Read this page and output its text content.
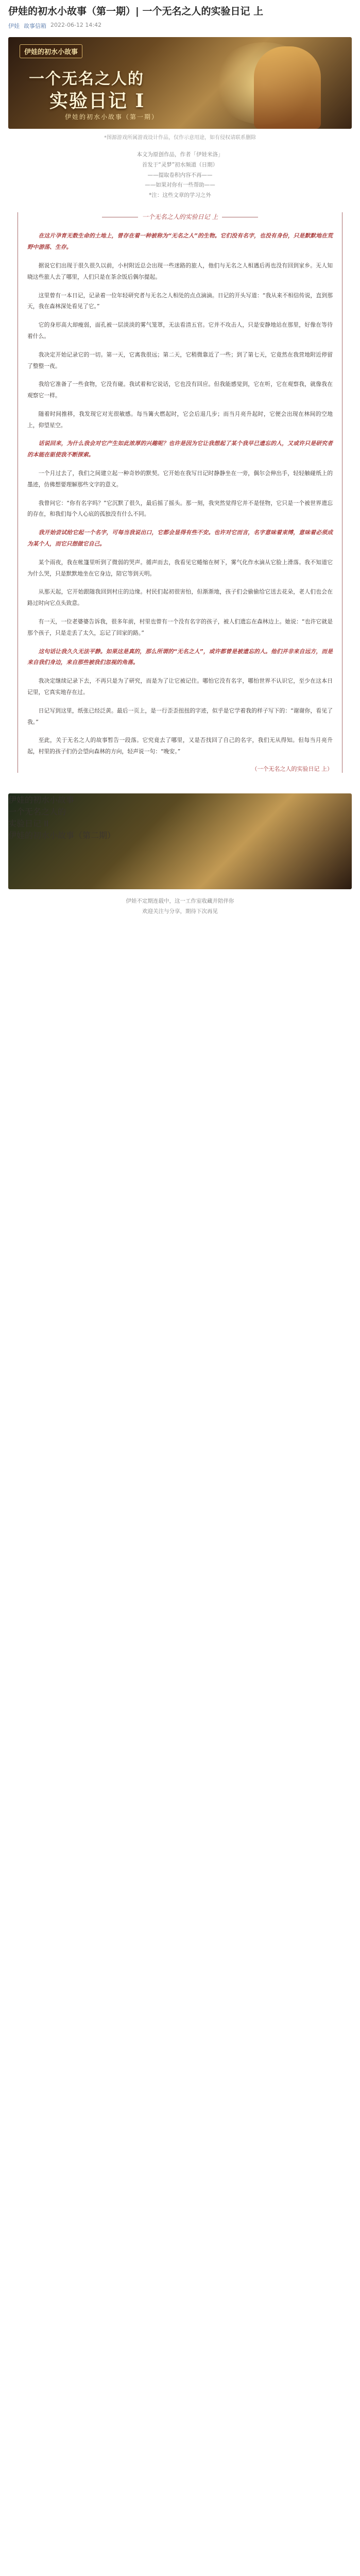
伊娃的初水小故事（第一期）| 一个无名之人的实验日记 上
伊娃 故事信箱 2022-06-12 14:42
伊娃的初水小故事
一个无名之人的
实验日记 I
伊娃的初水小故事（第一期）
*图源游戏所属游戏设计作品，仅作示意用途，如有侵权请联系删除
本文为原创作品，作者「伊娃米洛」
首发于“灵梦”初水频道（日期）
——提取卷积内容不再——
——如果对你有一些帮助——
*注：这些文章的学习之外
一个无名之人的实验日记 上

在这片孕育无数生命的土地上，曾存在着一种被称为“无名之人”的生物。它们没有名字，也没有身份，只是默默地在荒野中游荡、生存。

据说它们出现于很久很久以前，小村附近总会出现一些迷路的旅人，他们与无名之人相遇后再也没有回到家乡。无人知晓这些旅人去了哪里，人们只是在茶余饭后偶尔提起。

这里曾有一本日记，记录着一位年轻研究者与无名之人相处的点点滴滴。日记的开头写道：“我从来不相信传说，直到那天，我在森林深处看见了它。”

它的身形高大却瘦弱，面孔被一层淡淡的雾气笼罩，无法看清五官。它并不攻击人，只是安静地站在那里，好像在等待着什么。

我决定开始记录它的一切。第一天，它离我很远；第二天，它稍微靠近了一些；到了第七天，它竟然在我营地附近停留了整整一夜。

我给它准备了一些食物，它没有碰。我试着和它说话，它也没有回应。但我能感觉到，它在听，它在观察我，就像我在观察它一样。

随着时间推移，我发现它对光很敏感。每当篝火燃起时，它会后退几步；而当月亮升起时，它便会出现在林间的空地上，仰望星空。

话说回来，为什么我会对它产生如此浓厚的兴趣呢？也许是因为它让我想起了某个我早已遗忘的人，又或许只是研究者的本能在驱使我不断探索。

一个月过去了，我们之间建立起一种奇妙的默契。它开始在我写日记时静静坐在一旁，偶尔会伸出手，轻轻触碰纸上的墨迹，仿佛想要理解那些文字的意义。

我曾问它：“你有名字吗？”它沉默了很久，最后摇了摇头。那一刻，我突然觉得它并不是怪物，它只是一个被世界遗忘的存在，和我们每个人心底的孤独没有什么不同。

我开始尝试给它起一个名字，可每当我说出口，它都会显得有些不安。也许对它而言，名字意味着束缚，意味着必须成为某个人，而它只想做它自己。

某个雨夜，我在帐篷里听到了微弱的哭声。循声而去，我看见它蜷缩在树下，雾气化作水滴从它脸上滑落。我不知道它为什么哭，只是默默地坐在它身边，陪它等到天明。

从那天起，它开始跟随我回到村庄的边缘。村民们起初很害怕，但渐渐地，孩子们会偷偷给它送去花朵，老人们也会在路过时向它点头致意。

有一天，一位老婆婆告诉我，很多年前，村里也曾有一个没有名字的孩子，被人们遗忘在森林边上。她说：“也许它就是那个孩子，只是走丢了太久，忘记了回家的路。”

这句话让我久久无法平静。如果这是真的，那么所谓的“无名之人”，或许都曾是被遗忘的人。他们并非来自远方，而是来自我们身边，来自那些被我们忽视的角落。

我决定继续记录下去，不再只是为了研究，而是为了让它被记住。哪怕它没有名字，哪怕世界不认识它，至少在这本日记里，它真实地存在过。

日记写到这里，纸张已经泛黄。最后一页上，是一行歪歪扭扭的字迹，似乎是它学着我的样子写下的：“谢谢你，看见了我。”

至此，关于无名之人的故事暂告一段落。它究竟去了哪里，又是否找回了自己的名字，我们无从得知。但每当月亮升起，村里的孩子们仍会望向森林的方向，轻声说一句：“晚安。”

（一个无名之人的实验日记 上）
伊娃的初水小故事
一个无名之人的
实验日记 II
伊娃的初水小故事（第二期）
伊娃不定期连载中，这一工作室收藏并陪伴你
欢迎关注与分享，期待下次再见
